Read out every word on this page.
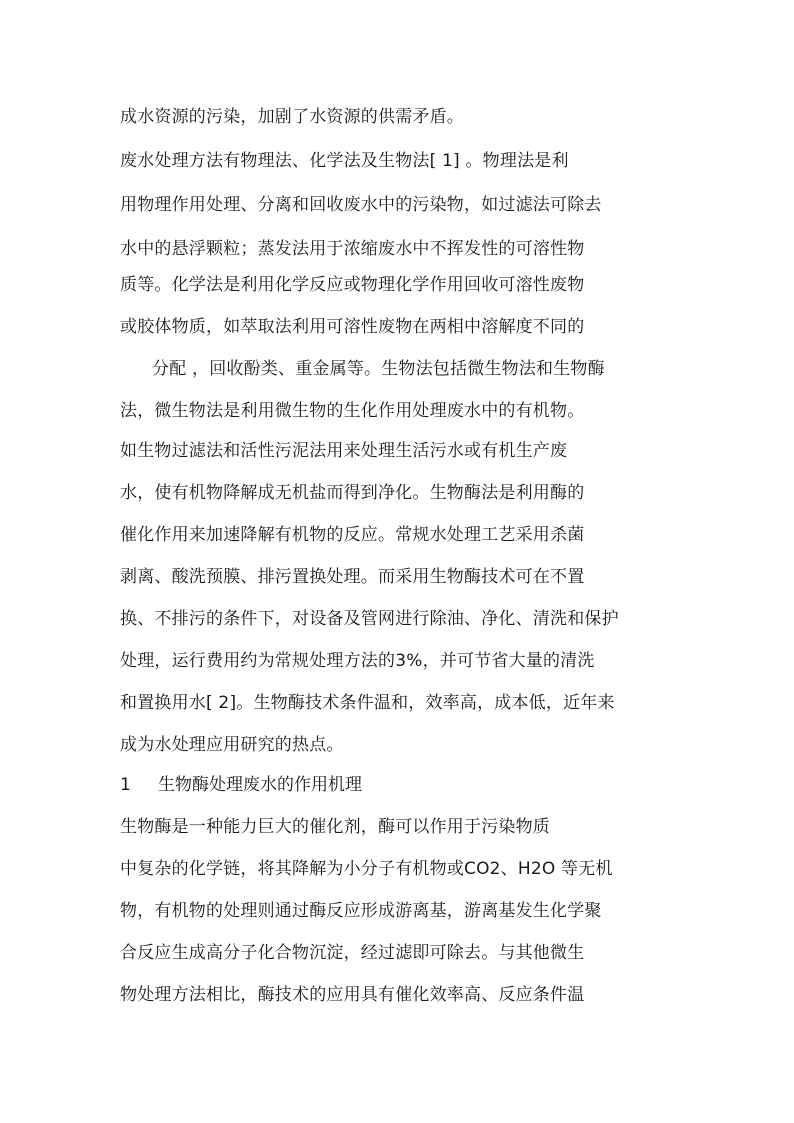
成水资源的污染，加剧了水资源的供需矛盾。
废水处理方法有物理法、化学法及生物法[ 1] 。物理法是利
用物理作用处理、分离和回收废水中的污染物，如过滤法可除去
水中的悬浮颗粒；蒸发法用于浓缩废水中不挥发性的可溶性物
质等。化学法是利用化学反应或物理化学作用回收可溶性废物
或胶体物质，如萃取法利用可溶性废物在两相中溶解度不同的
分配 ，回收酚类、重金属等。生物法包括微生物法和生物酶
法，微生物法是利用微生物的生化作用处理废水中的有机物。
如生物过滤法和活性污泥法用来处理生活污水或有机生产废
水，使有机物降解成无机盐而得到净化。生物酶法是利用酶的
催化作用来加速降解有机物的反应。常规水处理工艺采用杀菌
剥离、酸洗预膜、排污置换处理。而采用生物酶技术可在不置
换、不排污的条件下，对设备及管网进行除油、净化、清洗和保护
处理，运行费用约为常规处理方法的3%，并可节省大量的清洗
和置换用水[ 2]。生物酶技术条件温和，效率高，成本低，近年来
成为水处理应用研究的热点。
1 生物酶处理废水的作用机理
生物酶是一种能力巨大的催化剂，酶可以作用于污染物质
中复杂的化学链，将其降解为小分子有机物或CO2、H2O 等无机
物，有机物的处理则通过酶反应形成游离基，游离基发生化学聚
合反应生成高分子化合物沉淀，经过滤即可除去。与其他微生
物处理方法相比，酶技术的应用具有催化效率高、反应条件温
